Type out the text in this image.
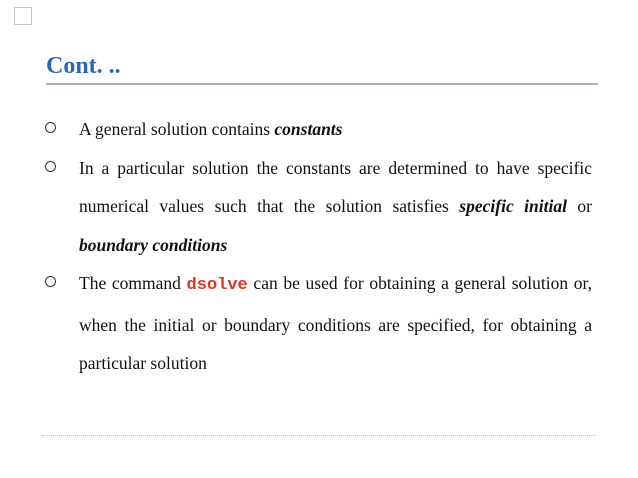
Cont. ..
A general solution contains constants
In a particular solution the constants are determined to have specific numerical values such that the solution satisfies specific initial or boundary conditions
The command dsolve can be used for obtaining a general solution or, when the initial or boundary conditions are specified, for obtaining a particular solution
